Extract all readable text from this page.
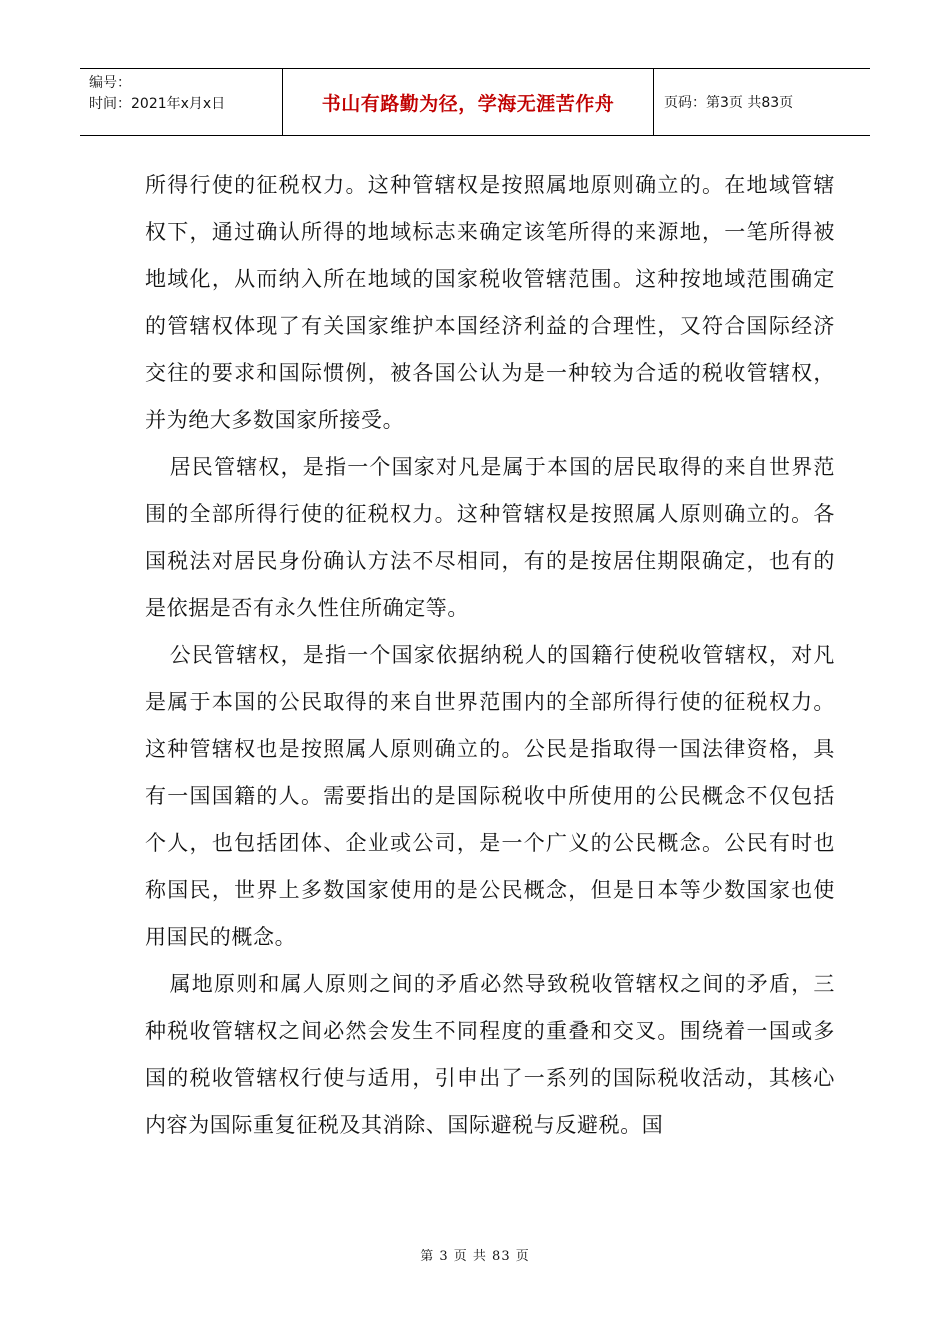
编号：
时间：2021年x月x日	书山有路勤为径，学海无涯苦作舟	页码：第3页 共83页

所得行使的征税权力。这种管辖权是按照属地原则确立的。在地域管辖权下，通过确认所得的地域标志来确定该笔所得的来源地，一笔所得被地域化，从而纳入所在地域的国家税收管辖范围。这种按地域范围确定的管辖权体现了有关国家维护本国经济利益的合理性，又符合国际经济交往的要求和国际惯例，被各国公认为是一种较为合适的税收管辖权，并为绝大多数国家所接受。

居民管辖权，是指一个国家对凡是属于本国的居民取得的来自世界范围的全部所得行使的征税权力。这种管辖权是按照属人原则确立的。各国税法对居民身份确认方法不尽相同，有的是按居住期限确定，也有的是依据是否有永久性住所确定等。

公民管辖权，是指一个国家依据纳税人的国籍行使税收管辖权，对凡是属于本国的公民取得的来自世界范围内的全部所得行使的征税权力。这种管辖权也是按照属人原则确立的。公民是指取得一国法律资格，具有一国国籍的人。需要指出的是国际税收中所使用的公民概念不仅包括个人，也包括团体、企业或公司，是一个广义的公民概念。公民有时也称国民，世界上多数国家使用的是公民概念，但是日本等少数国家也使用国民的概念。

属地原则和属人原则之间的矛盾必然导致税收管辖权之间的矛盾，三种税收管辖权之间必然会发生不同程度的重叠和交叉。围绕着一国或多国的税收管辖权行使与适用，引申出了一系列的国际税收活动，其核心内容为国际重复征税及其消除、国际避税与反避税。国

第 3 页 共 83 页
